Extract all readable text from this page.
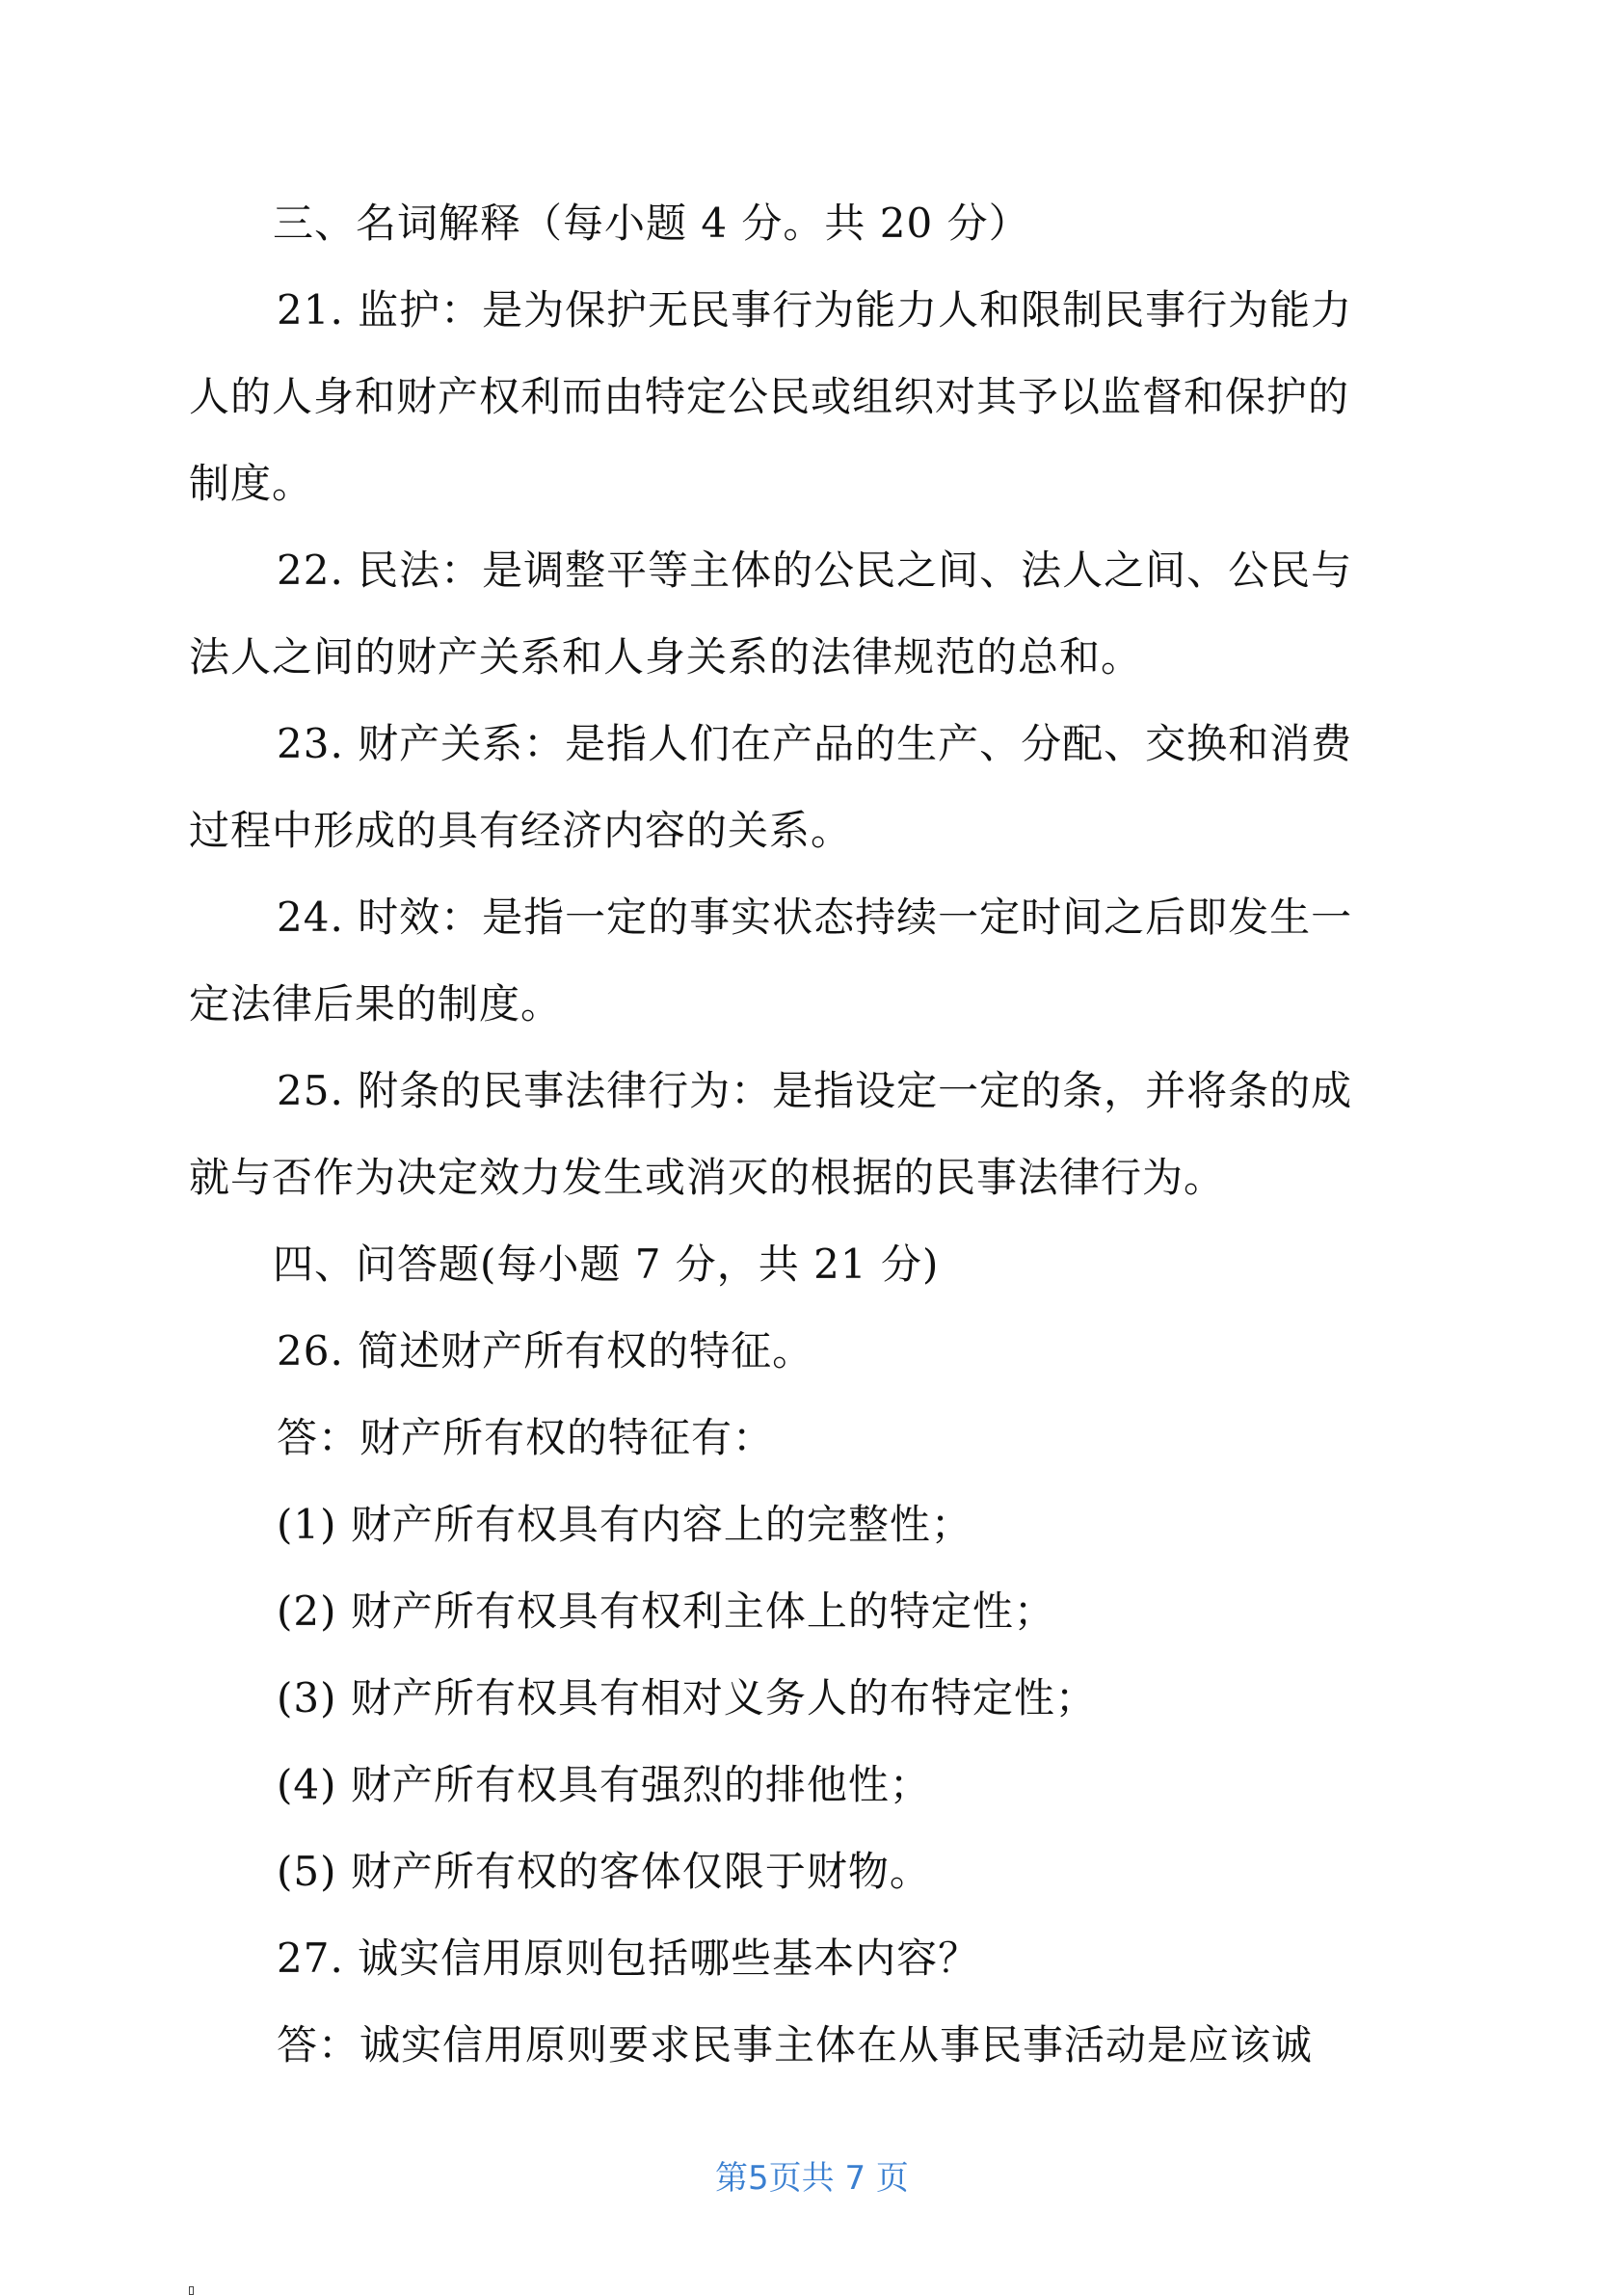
三、名词解释（每小题 4 分。共 20 分）
21. 监护：是为保护无民事行为能力人和限制民事行为能力
人的人身和财产权利而由特定公民或组织对其予以监督和保护的
制度。
22. 民法：是调整平等主体的公民之间、法人之间、公民与
法人之间的财产关系和人身关系的法律规范的总和。
23. 财产关系：是指人们在产品的生产、分配、交换和消费
过程中形成的具有经济内容的关系。
24. 时效：是指一定的事实状态持续一定时间之后即发生一
定法律后果的制度。
25. 附条的民事法律行为：是指设定一定的条，并将条的成
就与否作为决定效力发生或消灭的根据的民事法律行为。
四、问答题(每小题 7 分，共 21 分)
26. 简述财产所有权的特征。
答：财产所有权的特征有：
(1) 财产所有权具有内容上的完整性；
(2) 财产所有权具有权利主体上的特定性；
(3) 财产所有权具有相对义务人的布特定性；
(4) 财产所有权具有强烈的排他性；
(5) 财产所有权的客体仅限于财物。
27. 诚实信用原则包括哪些基本内容？
答：诚实信用原则要求民事主体在从事民事活动是应该诚
第5页共 7 页
